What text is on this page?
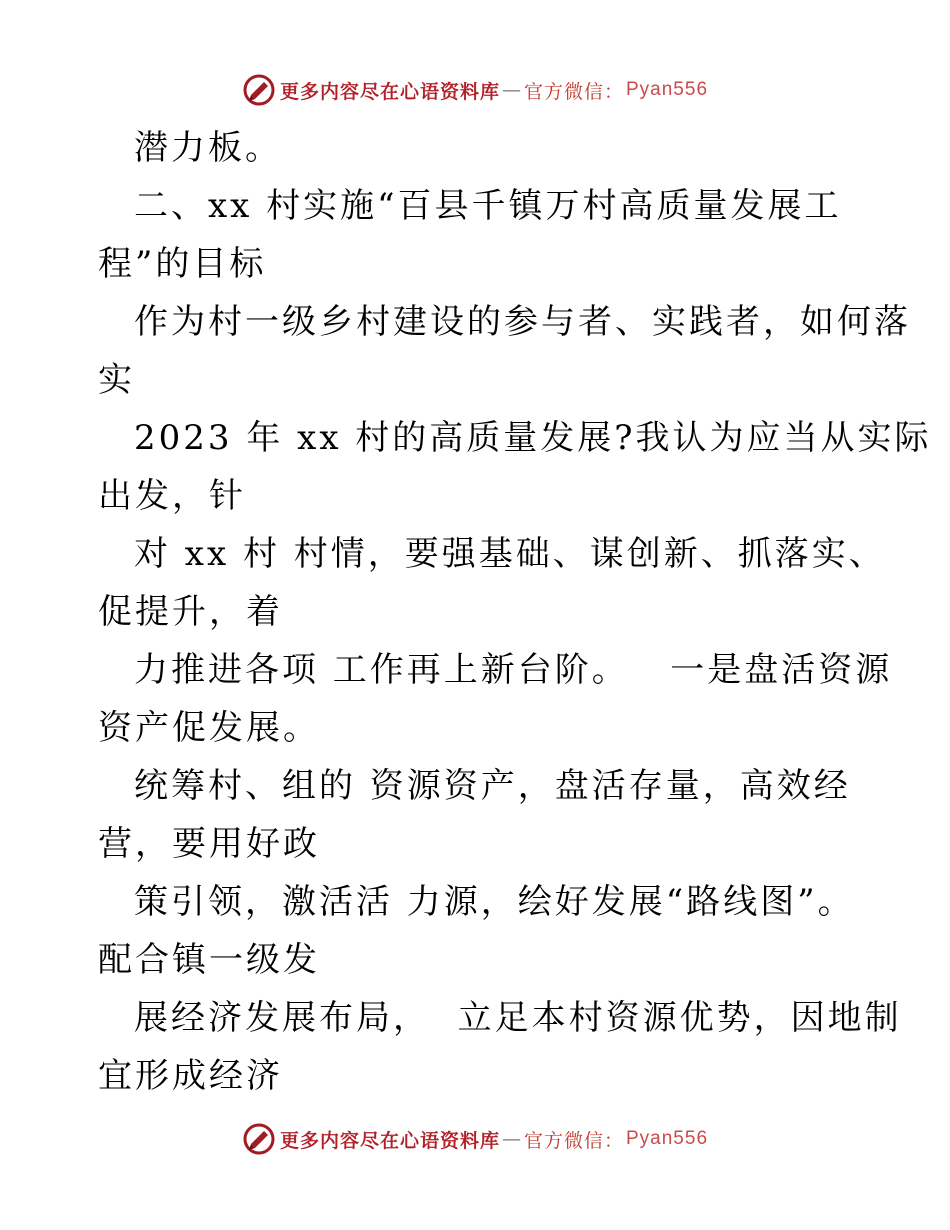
更多内容尽在心语资料库 — 官方微信： Pyan556
潜力板。
二、xx 村实施“百县千镇万村高质量发展工
程”的目标
作为村一级乡村建设的参与者、实践者，如何落
实
2023 年 xx 村的高质量发展?我认为应当从实际
出发，针
对 xx 村 村情，要强基础、谋创新、抓落实、
促提升，着
力推进各项 工作再上新台阶。   一是盘活资源
资产促发展。
统筹村、组的 资源资产，盘活存量，高效经
营，要用好政
策引领，激活活 力源，绘好发展“路线图”。
配合镇一级发
展经济发展布局，  立足本村资源优势，因地制
宜形成经济
更多内容尽在心语资料库 — 官方微信： Pyan556
